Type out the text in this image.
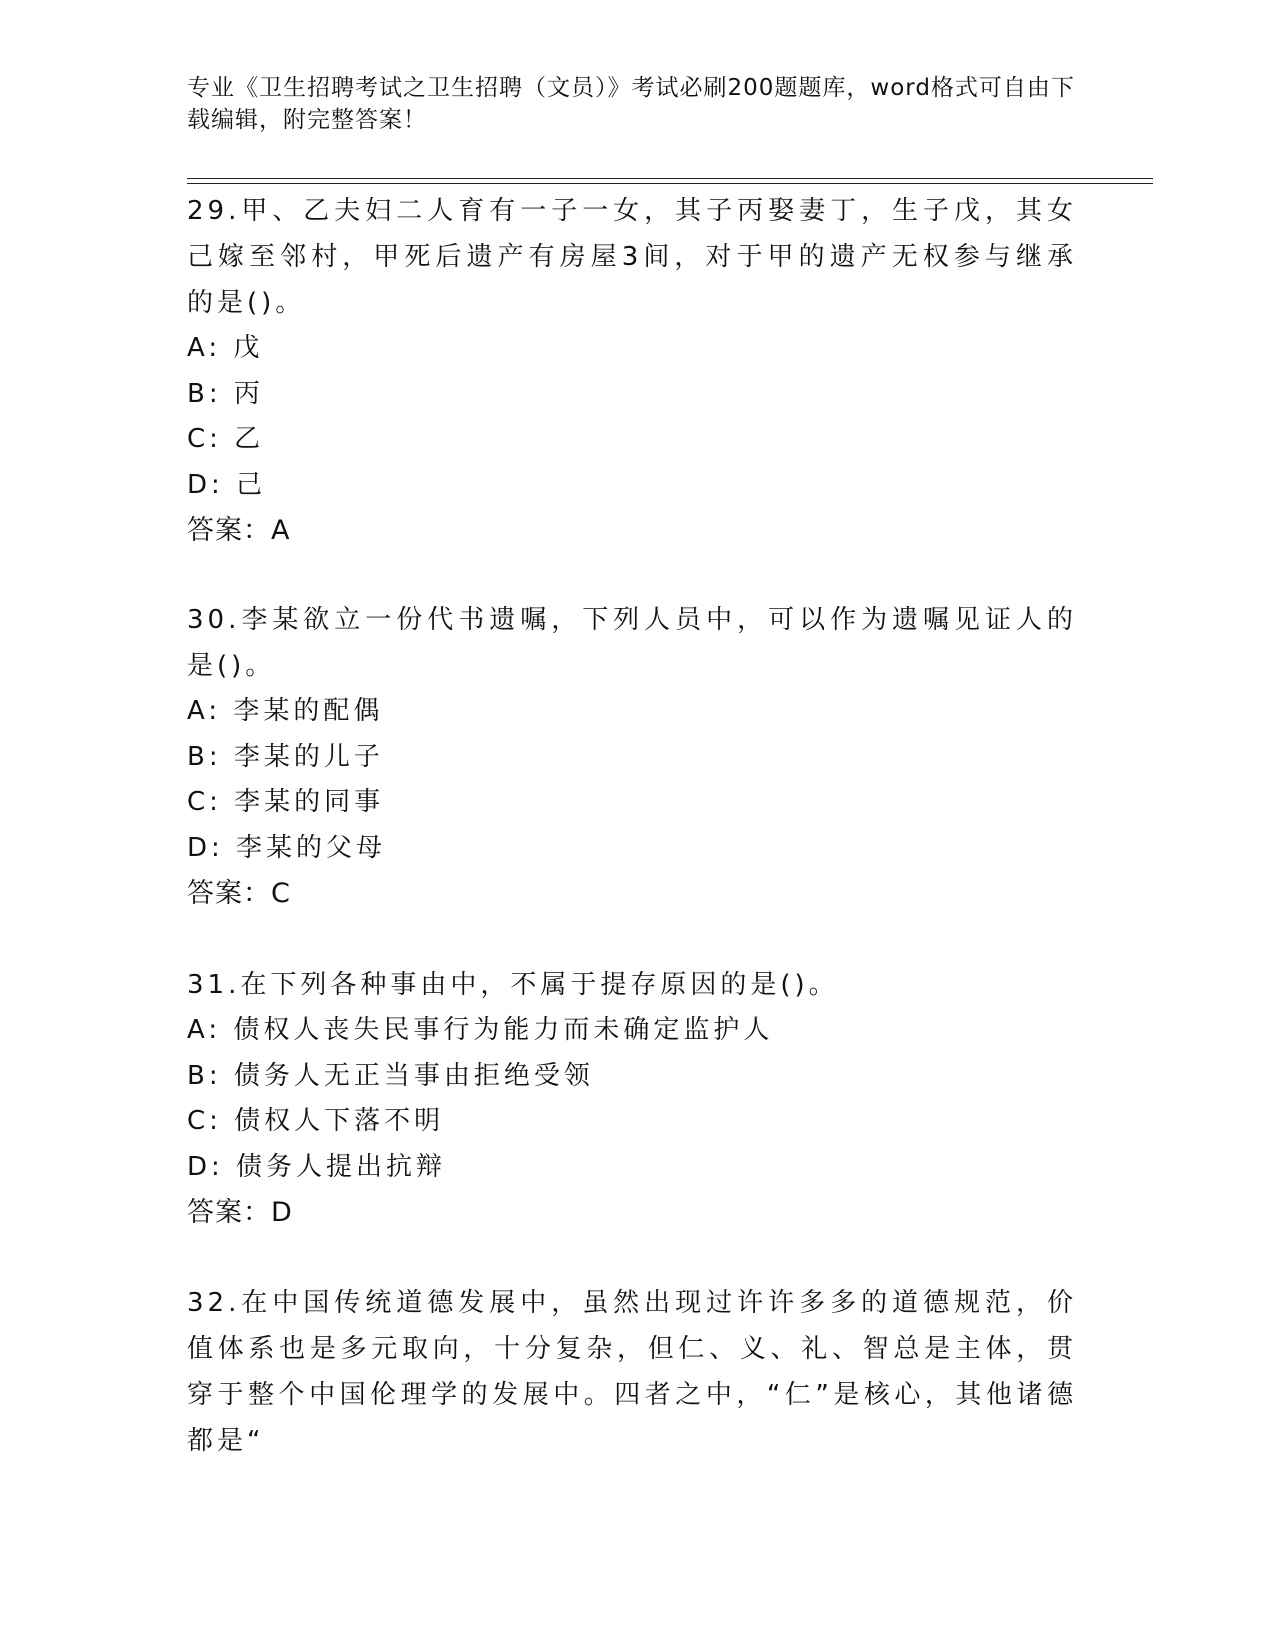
专业《卫生招聘考试之卫生招聘（文员）》考试必刷200题题库，word格式可自由下载编辑，附完整答案！
29.甲、乙夫妇二人育有一子一女，其子丙娶妻丁，生子戊，其女己嫁至邻村，甲死后遗产有房屋3间，对于甲的遗产无权参与继承的是()。
A: 戊
B: 丙
C: 乙
D: 己
答案：A
30.李某欲立一份代书遗嘱，下列人员中，可以作为遗嘱见证人的是()。
A: 李某的配偶
B: 李某的儿子
C: 李某的同事
D: 李某的父母
答案：C
31.在下列各种事由中，不属于提存原因的是()。
A: 债权人丧失民事行为能力而未确定监护人
B: 债务人无正当事由拒绝受领
C: 债权人下落不明
D: 债务人提出抗辩
答案：D
32.在中国传统道德发展中，虽然出现过许许多多的道德规范，价值体系也是多元取向，十分复杂，但仁、义、礼、智总是主体，贯穿于整个中国伦理学的发展中。四者之中，“仁”是核心，其他诸德都是“
